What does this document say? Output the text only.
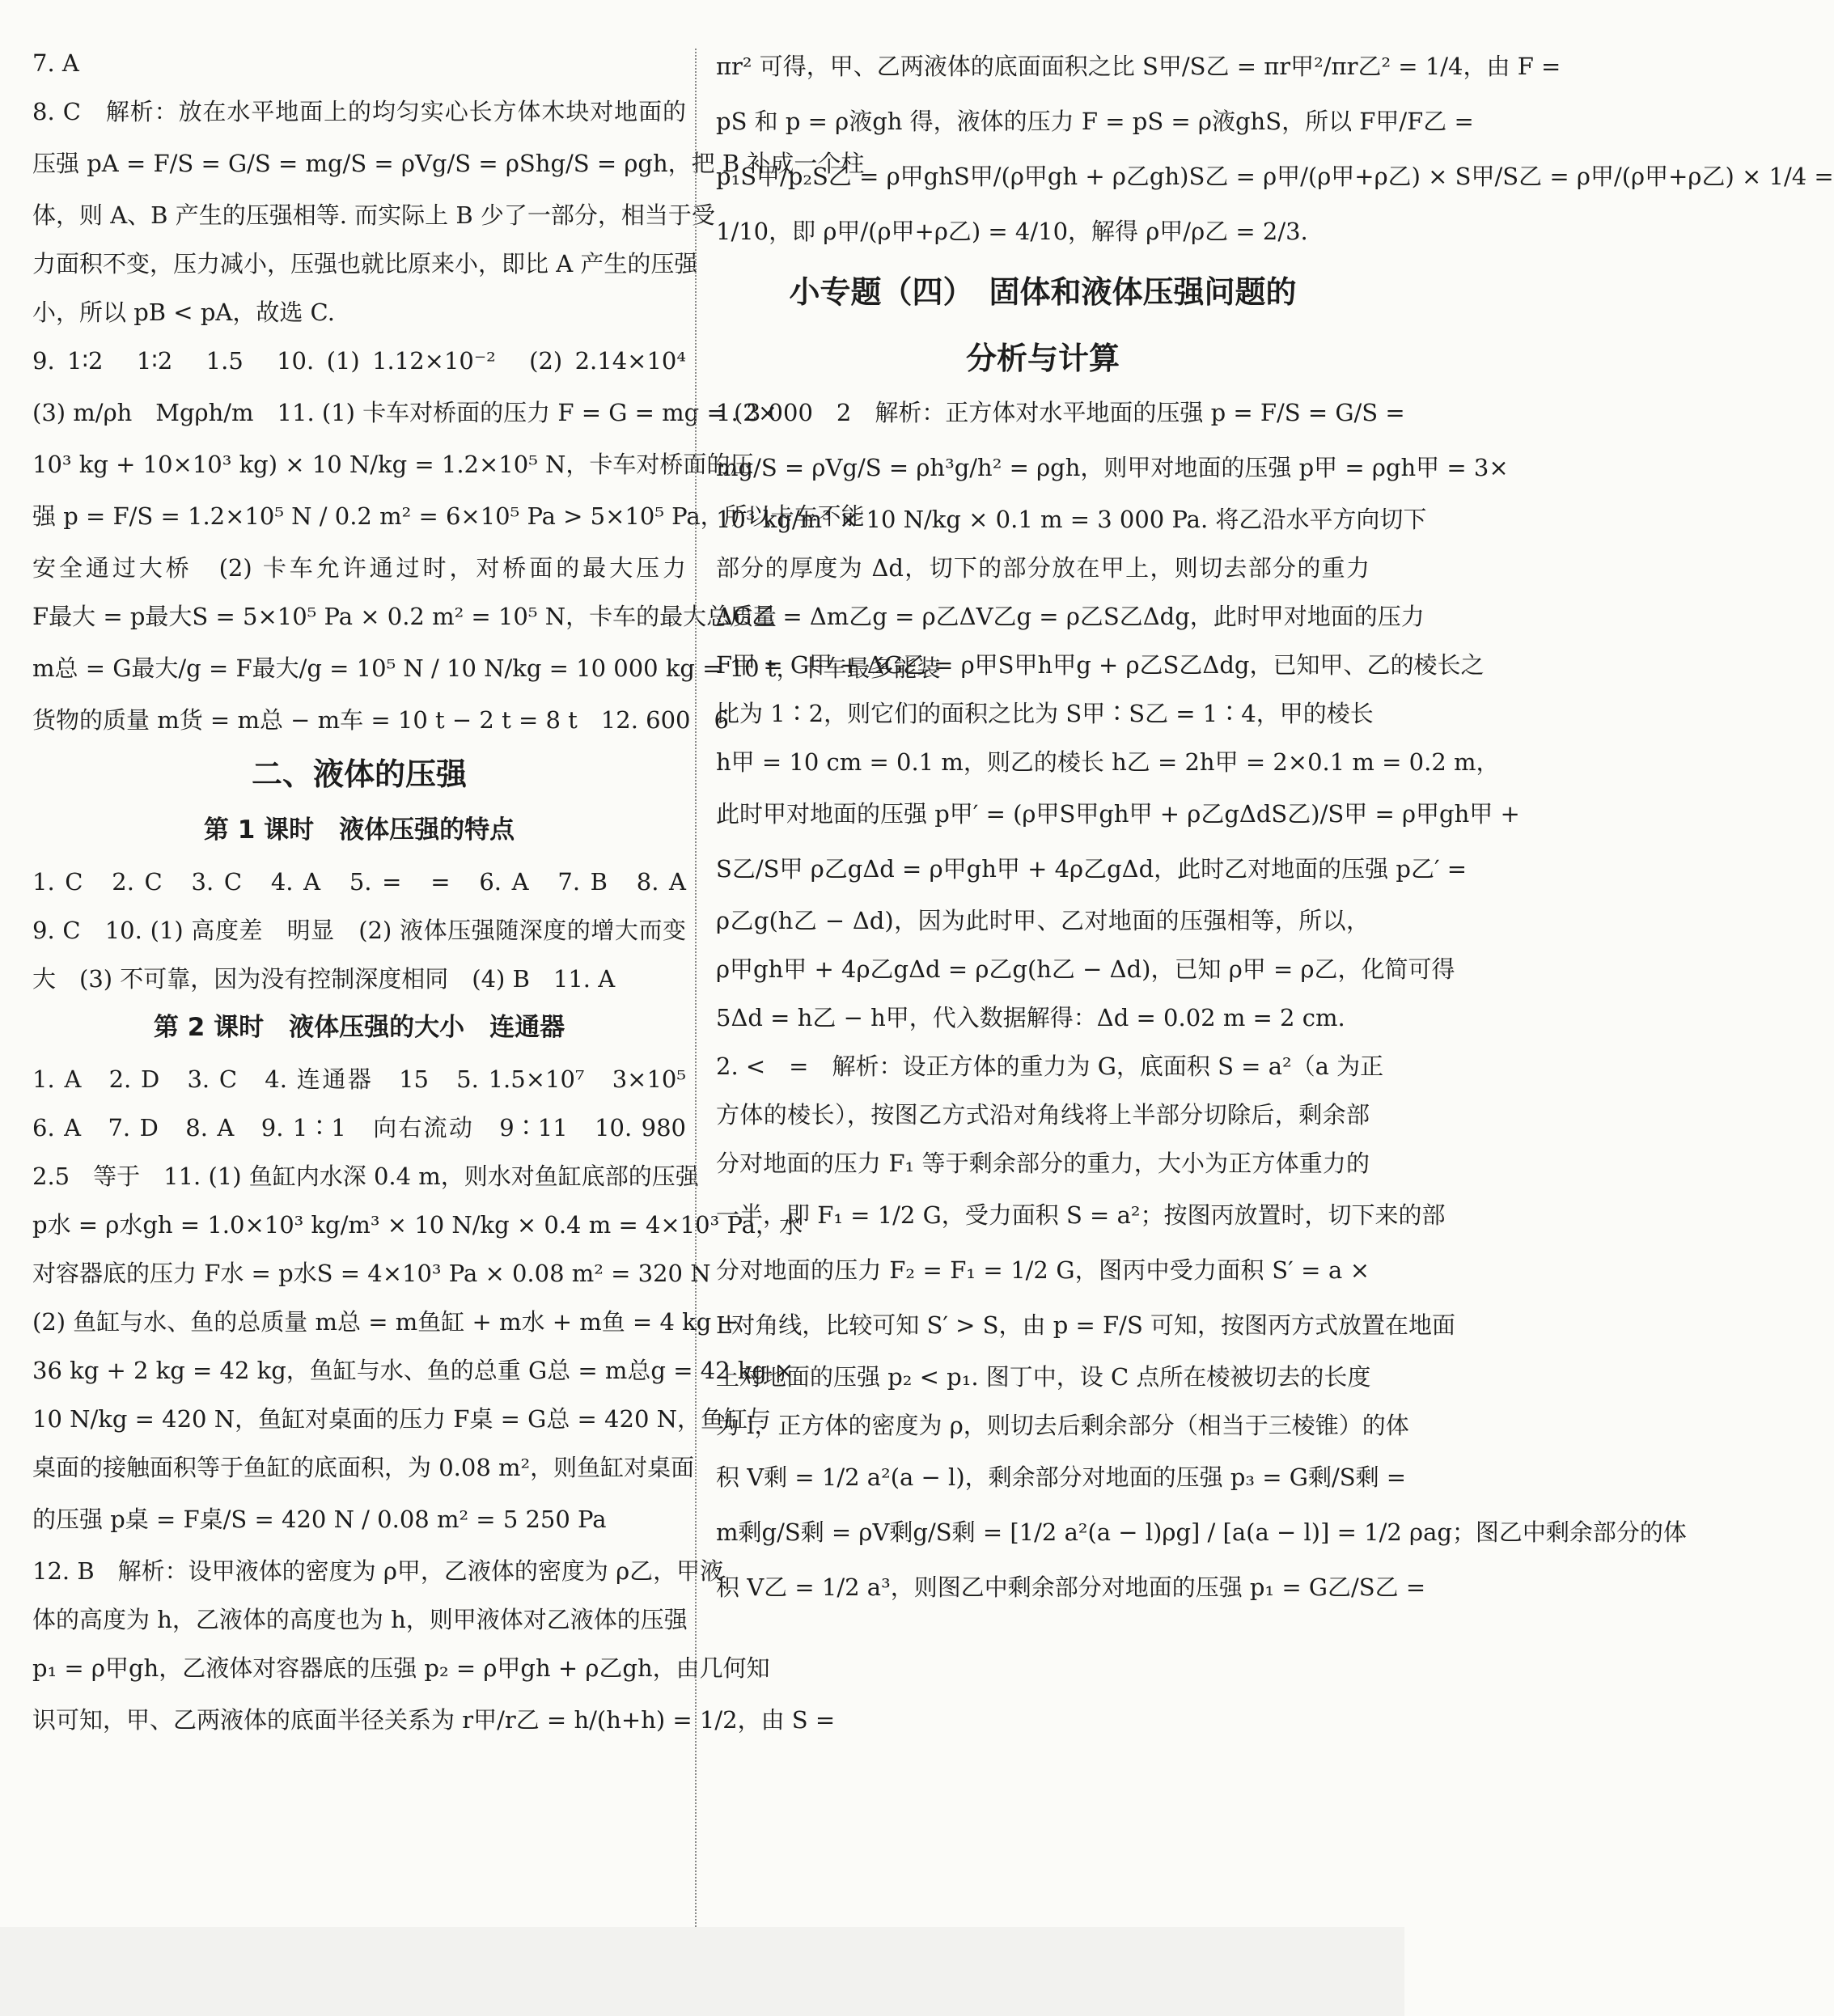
7. A
8. C　解析：放在水平地面上的均匀实心长方体木块对地面的
压强 pA = F/S = G/S = mg/S = ρVg/S = ρShg/S = ρgh，把 B 补成一个柱
体，则 A、B 产生的压强相等. 而实际上 B 少了一部分，相当于受
力面积不变，压力减小，压强也就比原来小，即比 A 产生的压强
小，所以 pB < pA，故选 C.
9. 1∶2　1∶2　1.5　10. (1) 1.12×10⁻²　(2) 2.14×10⁴
(3) m/ρh　Mgρh/m　11. (1) 卡车对桥面的压力 F = G = mg = (2×
10³ kg + 10×10³ kg) × 10 N/kg = 1.2×10⁵ N，卡车对桥面的压
强 p = F/S = 1.2×10⁵ N / 0.2 m² = 6×10⁵ Pa > 5×10⁵ Pa，所以卡车不能
安全通过大桥　(2) 卡车允许通过时，对桥面的最大压力
F最大 = p最大S = 5×10⁵ Pa × 0.2 m² = 10⁵ N，卡车的最大总质量
m总 = G最大/g = F最大/g = 10⁵ N / 10 N/kg = 10 000 kg = 10 t，卡车最多能装
货物的质量 m货 = m总 − m车 = 10 t − 2 t = 8 t　12. 600　6
二、液体的压强
第 1 课时　液体压强的特点
1. C　2. C　3. C　4. A　5. =　=　6. A　7. B　8. A
9. C　10. (1) 高度差　明显　(2) 液体压强随深度的增大而变
大　(3) 不可靠，因为没有控制深度相同　(4) B　11. A
第 2 课时　液体压强的大小　连通器
1. A　2. D　3. C　4. 连通器　15　5. 1.5×10⁷　3×10⁵
6. A　7. D　8. A　9. 1∶1　向右流动　9∶11　10. 980
2.5　等于　11. (1) 鱼缸内水深 0.4 m，则水对鱼缸底部的压强
p水 = ρ水gh = 1.0×10³ kg/m³ × 10 N/kg × 0.4 m = 4×10³ Pa，水
对容器底的压力 F水 = p水S = 4×10³ Pa × 0.08 m² = 320 N
(2) 鱼缸与水、鱼的总质量 m总 = m鱼缸 + m水 + m鱼 = 4 kg +
36 kg + 2 kg = 42 kg，鱼缸与水、鱼的总重 G总 = m总g = 42 kg ×
10 N/kg = 420 N，鱼缸对桌面的压力 F桌 = G总 = 420 N，鱼缸与
桌面的接触面积等于鱼缸的底面积，为 0.08 m²，则鱼缸对桌面
的压强 p桌 = F桌/S = 420 N / 0.08 m² = 5 250 Pa
12. B　解析：设甲液体的密度为 ρ甲，乙液体的密度为 ρ乙，甲液
体的高度为 h，乙液体的高度也为 h，则甲液体对乙液体的压强
p₁ = ρ甲gh，乙液体对容器底的压强 p₂ = ρ甲gh + ρ乙gh，由几何知
识可知，甲、乙两液体的底面半径关系为 r甲/r乙 = h/(h+h) = 1/2，由 S =
πr² 可得，甲、乙两液体的底面面积之比 S甲/S乙 = πr甲²/πr乙² = 1/4，由 F =
pS 和 p = ρ液gh 得，液体的压力 F = pS = ρ液ghS，所以 F甲/F乙 =
p₁S甲/p₂S乙 = ρ甲ghS甲/(ρ甲gh + ρ乙gh)S乙 = ρ甲/(ρ甲+ρ乙) × S甲/S乙 = ρ甲/(ρ甲+ρ乙) × 1/4 =
1/10，即 ρ甲/(ρ甲+ρ乙) = 4/10，解得 ρ甲/ρ乙 = 2/3.
小专题（四）　固体和液体压强问题的
分析与计算
1. 3 000　2　解析：正方体对水平地面的压强 p = F/S = G/S =
mg/S = ρVg/S = ρh³g/h² = ρgh，则甲对地面的压强 p甲 = ρgh甲 = 3×
10³ kg/m³ × 10 N/kg × 0.1 m = 3 000 Pa. 将乙沿水平方向切下
部分的厚度为 Δd，切下的部分放在甲上，则切去部分的重力
ΔG乙 = Δm乙g = ρ乙ΔV乙g = ρ乙S乙Δdg，此时甲对地面的压力
F甲 = G甲 + ΔG乙 = ρ甲S甲h甲g + ρ乙S乙Δdg，已知甲、乙的棱长之
比为 1∶2，则它们的面积之比为 S甲∶S乙 = 1∶4，甲的棱长
h甲 = 10 cm = 0.1 m，则乙的棱长 h乙 = 2h甲 = 2×0.1 m = 0.2 m，
此时甲对地面的压强 p甲′ = (ρ甲S甲gh甲 + ρ乙gΔdS乙)/S甲 = ρ甲gh甲 +
S乙/S甲 ρ乙gΔd = ρ甲gh甲 + 4ρ乙gΔd，此时乙对地面的压强 p乙′ =
ρ乙g(h乙 − Δd)，因为此时甲、乙对地面的压强相等，所以，
ρ甲gh甲 + 4ρ乙gΔd = ρ乙g(h乙 − Δd)，已知 ρ甲 = ρ乙，化简可得
5Δd = h乙 − h甲，代入数据解得：Δd = 0.02 m = 2 cm.
2. <　=　解析：设正方体的重力为 G，底面积 S = a²（a 为正
方体的棱长），按图乙方式沿对角线将上半部分切除后，剩余部
分对地面的压力 F₁ 等于剩余部分的重力，大小为正方体重力的
一半，即 F₁ = 1/2 G，受力面积 S = a²；按图丙放置时，切下来的部
分对地面的压力 F₂ = F₁ = 1/2 G，图丙中受力面积 S′ = a ×
L对角线，比较可知 S′ > S，由 p = F/S 可知，按图丙方式放置在地面
上对地面的压强 p₂ < p₁. 图丁中，设 C 点所在棱被切去的长度
为 l，正方体的密度为 ρ，则切去后剩余部分（相当于三棱锥）的体
积 V剩 = 1/2 a²(a − l)，剩余部分对地面的压强 p₃ = G剩/S剩 =
m剩g/S剩 = ρV剩g/S剩 = [1/2 a²(a − l)ρg] / [a(a − l)] = 1/2 ρag；图乙中剩余部分的体
积 V乙 = 1/2 a³，则图乙中剩余部分对地面的压强 p₁ = G乙/S乙 =
